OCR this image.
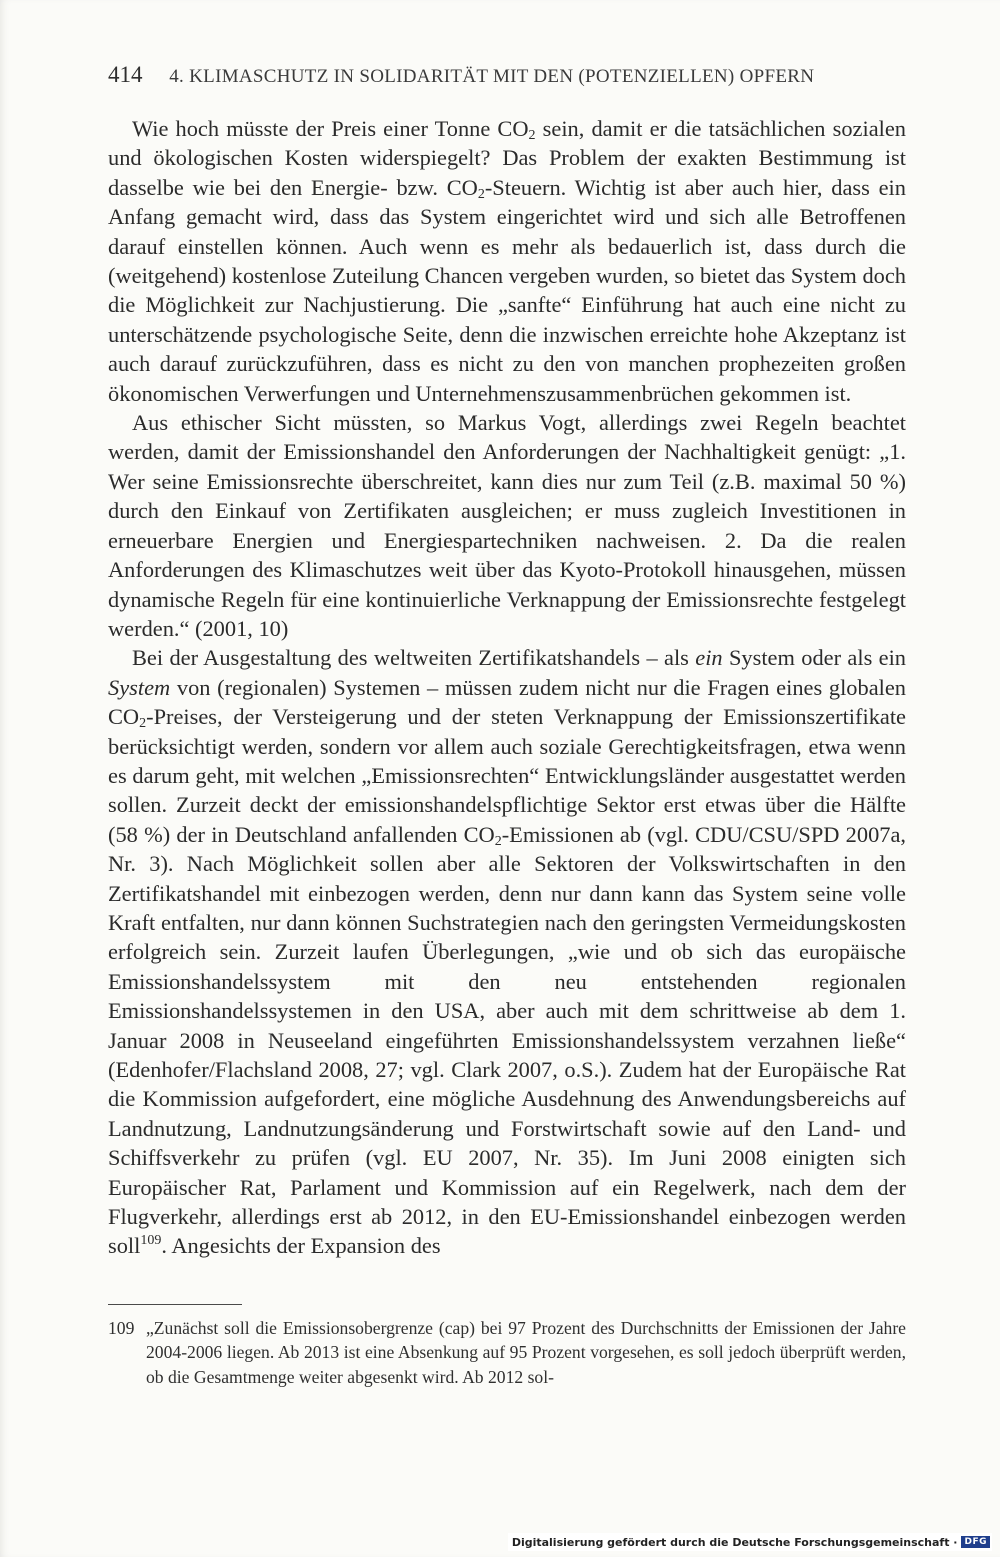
414 4. KLIMASCHUTZ IN SOLIDARITÄT MIT DEN (POTENZIELLEN) OPFERN

Wie hoch müsste der Preis einer Tonne $CO_2$ sein, damit er die tatsächlichen sozialen und ökologischen Kosten widerspiegelt? Das Problem der exakten Bestimmung ist dasselbe wie bei den Energie- bzw. $CO_2$-Steuern. Wichtig ist aber auch hier, dass ein Anfang gemacht wird, dass das System eingerichtet wird und sich alle Betroffenen darauf einstellen können. Auch wenn es mehr als bedauerlich ist, dass durch die (weitgehend) kostenlose Zuteilung Chancen vergeben wurden, so bietet das System doch die Möglichkeit zur Nachjustierung. Die „sanfte“ Einführung hat auch eine nicht zu unterschätzende psychologische Seite, denn die inzwischen erreichte hohe Akzeptanz ist auch darauf zurückzuführen, dass es nicht zu den von manchen prophezeiten großen ökonomischen Verwerfungen und Unternehmenszusammenbrüchen gekommen ist.

Aus ethischer Sicht müssten, so Markus Vogt, allerdings zwei Regeln beachtet werden, damit der Emissionshandel den Anforderungen der Nachhaltigkeit genügt: „1. Wer seine Emissionsrechte überschreitet, kann dies nur zum Teil (z.B. maximal 50 %) durch den Einkauf von Zertifikaten ausgleichen; er muss zugleich Investitionen in erneuerbare Energien und Energiespartechniken nachweisen. 2. Da die realen Anforderungen des Klimaschutzes weit über das Kyoto-Protokoll hinausgehen, müssen dynamische Regeln für eine kontinuierliche Verknappung der Emissionsrechte festgelegt werden.“ (2001, 10)

Bei der Ausgestaltung des weltweiten Zertifikatshandels – als ein System oder als ein System von (regionalen) Systemen – müssen zudem nicht nur die Fragen eines globalen $CO_2$-Preises, der Versteigerung und der steten Verknappung der Emissionszertifikate berücksichtigt werden, sondern vor allem auch soziale Gerechtigkeitsfragen, etwa wenn es darum geht, mit welchen „Emissionsrechten“ Entwicklungsländer ausgestattet werden sollen. Zurzeit deckt der emissionshandelspflichtige Sektor erst etwas über die Hälfte (58 %) der in Deutschland anfallenden $CO_2$-Emissionen ab (vgl. CDU/CSU/SPD 2007a, Nr. 3). Nach Möglichkeit sollen aber alle Sektoren der Volkswirtschaften in den Zertifikatshandel mit einbezogen werden, denn nur dann kann das System seine volle Kraft entfalten, nur dann können Suchstrategien nach den geringsten Vermeidungskosten erfolgreich sein. Zurzeit laufen Überlegungen, „wie und ob sich das europäische Emissionshandelssystem mit den neu entstehenden regionalen Emissionshandelssystemen in den USA, aber auch mit dem schrittweise ab dem 1. Januar 2008 in Neuseeland eingeführten Emissionshandelssystem verzahnen ließe“ (Edenhofer/Flachsland 2008, 27; vgl. Clark 2007, o.S.). Zudem hat der Europäische Rat die Kommission aufgefordert, eine mögliche Ausdehnung des Anwendungsbereichs auf Landnutzung, Landnutzungsänderung und Forstwirtschaft sowie auf den Land- und Schiffsverkehr zu prüfen (vgl. EU 2007, Nr. 35). Im Juni 2008 einigten sich Europäischer Rat, Parlament und Kommission auf ein Regelwerk, nach dem der Flugverkehr, allerdings erst ab 2012, in den EU-Emissionshandel einbezogen werden soll$^{109}$. Angesichts der Expansion des

109 „Zunächst soll die Emissionsobergrenze (cap) bei 97 Prozent des Durchschnitts der Emissionen der Jahre 2004-2006 liegen. Ab 2013 ist eine Absenkung auf 95 Prozent vorgesehen, es soll jedoch überprüft werden, ob die Gesamtmenge weiter abgesenkt wird. Ab 2012 sol-
Digitalisierung gefördert durch die Deutsche Forschungsgemeinschaft · DFG
